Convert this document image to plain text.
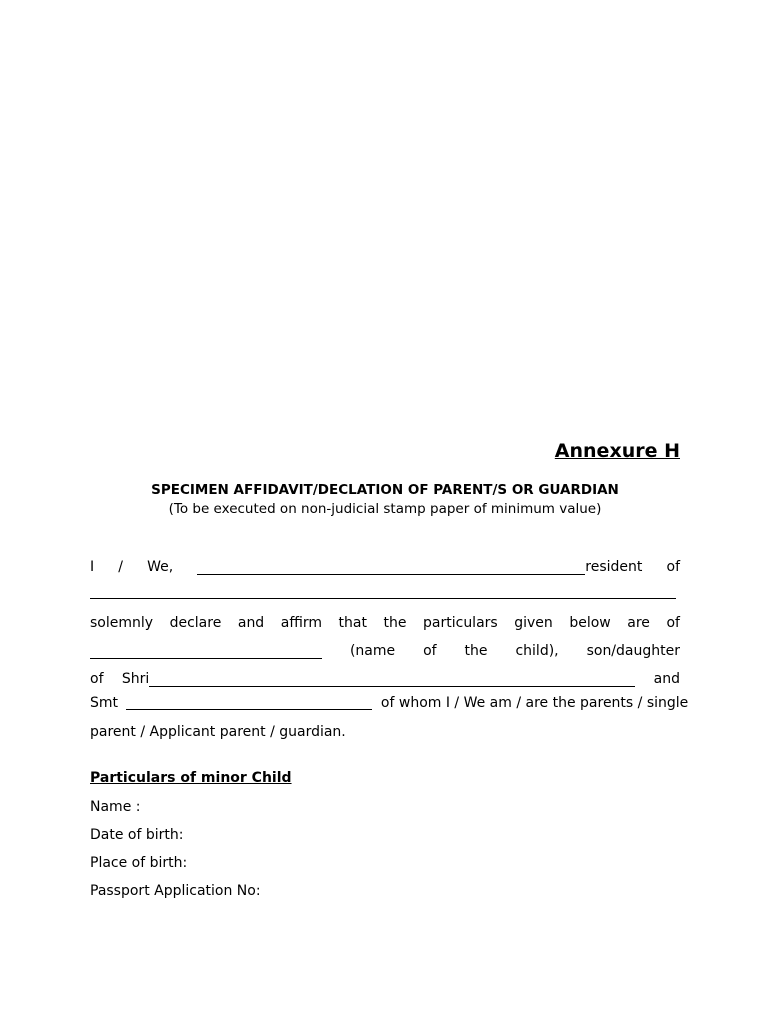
Annexure H
SPECIMEN AFFIDAVIT/DECLATION OF PARENT/S OR GUARDIAN
(To be executed on non-judicial stamp paper of minimum value)
I / We,	resident of
solemnly declare and affirm that the particulars given below are of
(name of the child), son/daughter
of Shri	and
Smt	of whom I / We am / are the parents / single
parent / Applicant parent / guardian.
Particulars of minor Child
Name :
Date of birth:
Place of birth:
Passport Application No:
